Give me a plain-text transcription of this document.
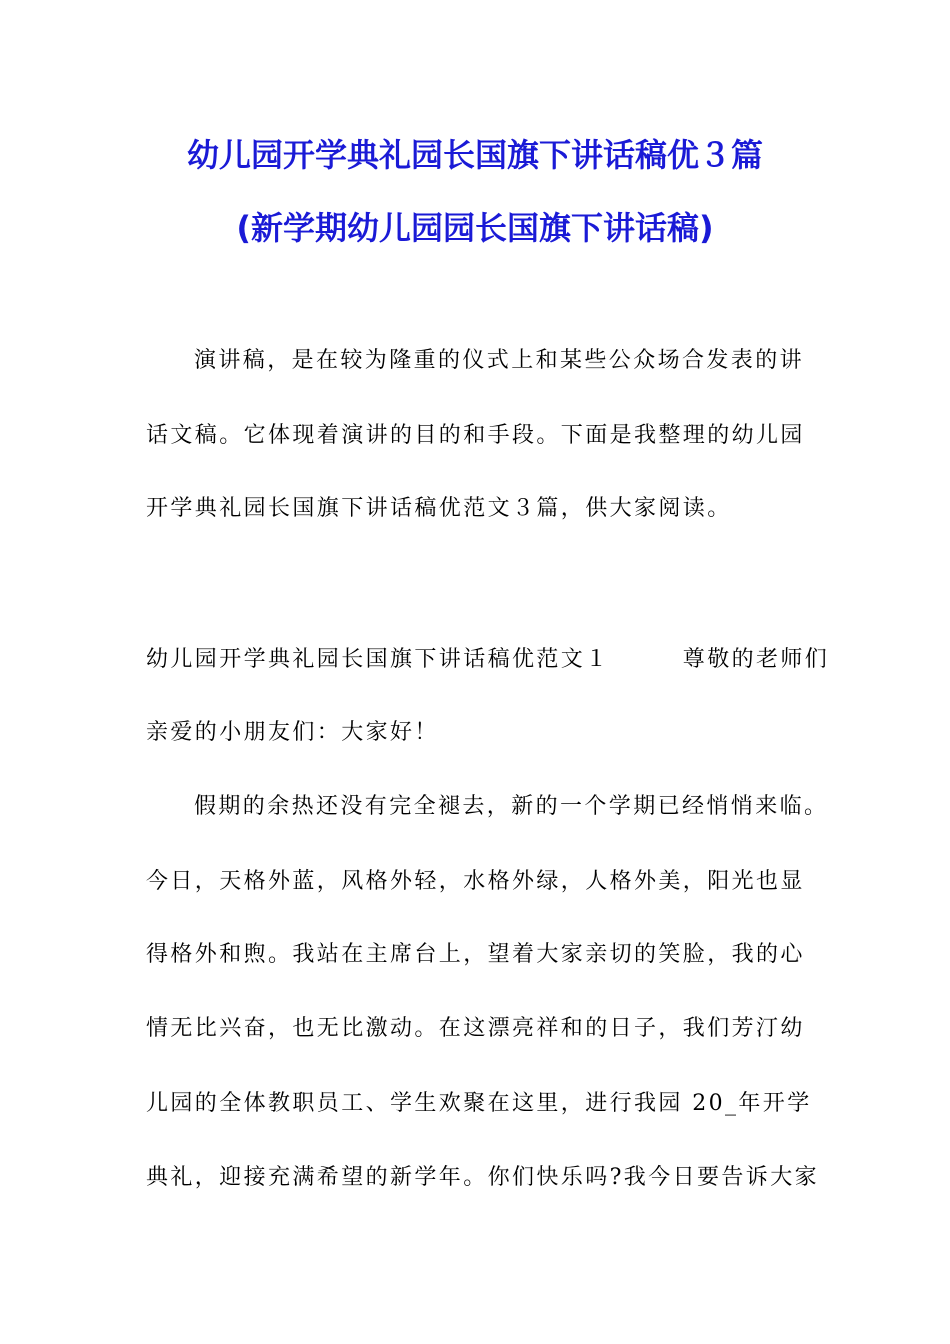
幼儿园开学典礼园长国旗下讲话稿优３篇
(新学期幼儿园园长国旗下讲话稿)
演讲稿，是在较为隆重的仪式上和某些公众场合发表的讲
话文稿。它体现着演讲的目的和手段。下面是我整理的幼儿园
开学典礼园长国旗下讲话稿优范文３篇，供大家阅读。
幼儿园开学典礼园长国旗下讲话稿优范文１　　　尊敬的老师们
亲爱的小朋友们：大家好！
假期的余热还没有完全褪去，新的一个学期已经悄悄来临。
今日，天格外蓝，风格外轻，水格外绿，人格外美，阳光也显
得格外和煦。我站在主席台上，望着大家亲切的笑脸，我的心
情无比兴奋，也无比激动。在这漂亮祥和的日子，我们芳汀幼
儿园的全体教职员工、学生欢聚在这里，进行我园 20_年开学
典礼，迎接充满希望的新学年。你们快乐吗?我今日要告诉大家
